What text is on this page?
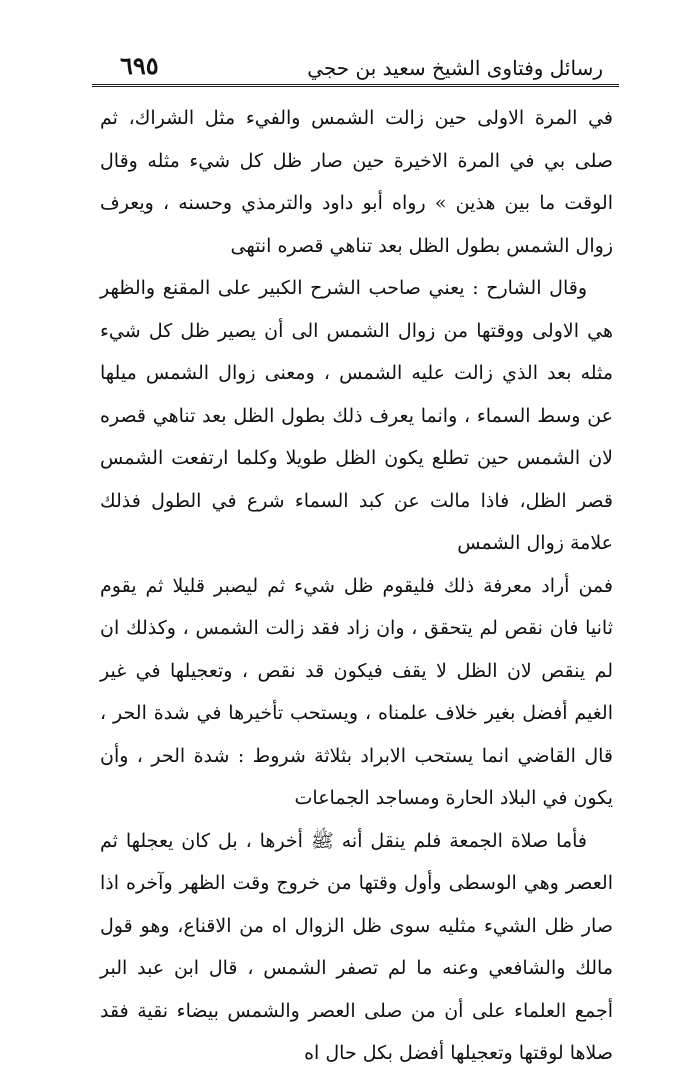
رسائل وفتاوى الشيخ سعيد بن حجي
٦٩٥

في المرة الاولى حين زالت الشمس والفيء مثل الشراك، ثم صلى بي في المرة الاخيرة حين صار ظل كل شيء مثله وقال الوقت ما بين هذين » رواه أبو داود والترمذي وحسنه ، ويعرف زوال الشمس بطول الظل بعد تناهي قصره انتهى

وقال الشارح : يعني صاحب الشرح الكبير على المقنع والظهر هي الاولى ووقتها من زوال الشمس الى أن يصير ظل كل شيء مثله بعد الذي زالت عليه الشمس ، ومعنى زوال الشمس ميلها عن وسط السماء ، وانما يعرف ذلك بطول الظل بعد تناهي قصره لان الشمس حين تطلع يكون الظل طويلا وكلما ارتفعت الشمس قصر الظل، فاذا مالت عن كبد السماء شرع في الطول فذلك علامة زوال الشمس

فمن أراد معرفة ذلك فليقوم ظل شيء ثم ليصبر قليلا ثم يقوم ثانيا فان نقص لم يتحقق ، وان زاد فقد زالت الشمس ، وكذلك ان لم ينقص لان الظل لا يقف فيكون قد نقص ، وتعجيلها في غير الغيم أفضل بغير خلاف علمناه ، ويستحب تأخيرها في شدة الحر ، قال القاضي انما يستحب الابراد بثلاثة شروط : شدة الحر ، وأن يكون في البلاد الحارة ومساجد الجماعات

فأما صلاة الجمعة فلم ينقل أنه ﷺ أخرها ، بل كان يعجلها ثم العصر وهي الوسطى وأول وقتها من خروج وقت الظهر وآخره اذا صار ظل الشيء مثليه سوى ظل الزوال اه من الاقناع، وهو قول مالك والشافعي وعنه ما لم تصفر الشمس ، قال ابن عبد البر أجمع العلماء على أن من صلى العصر والشمس بيضاء نقية فقد صلاها لوقتها وتعجيلها أفضل بكل حال اه
